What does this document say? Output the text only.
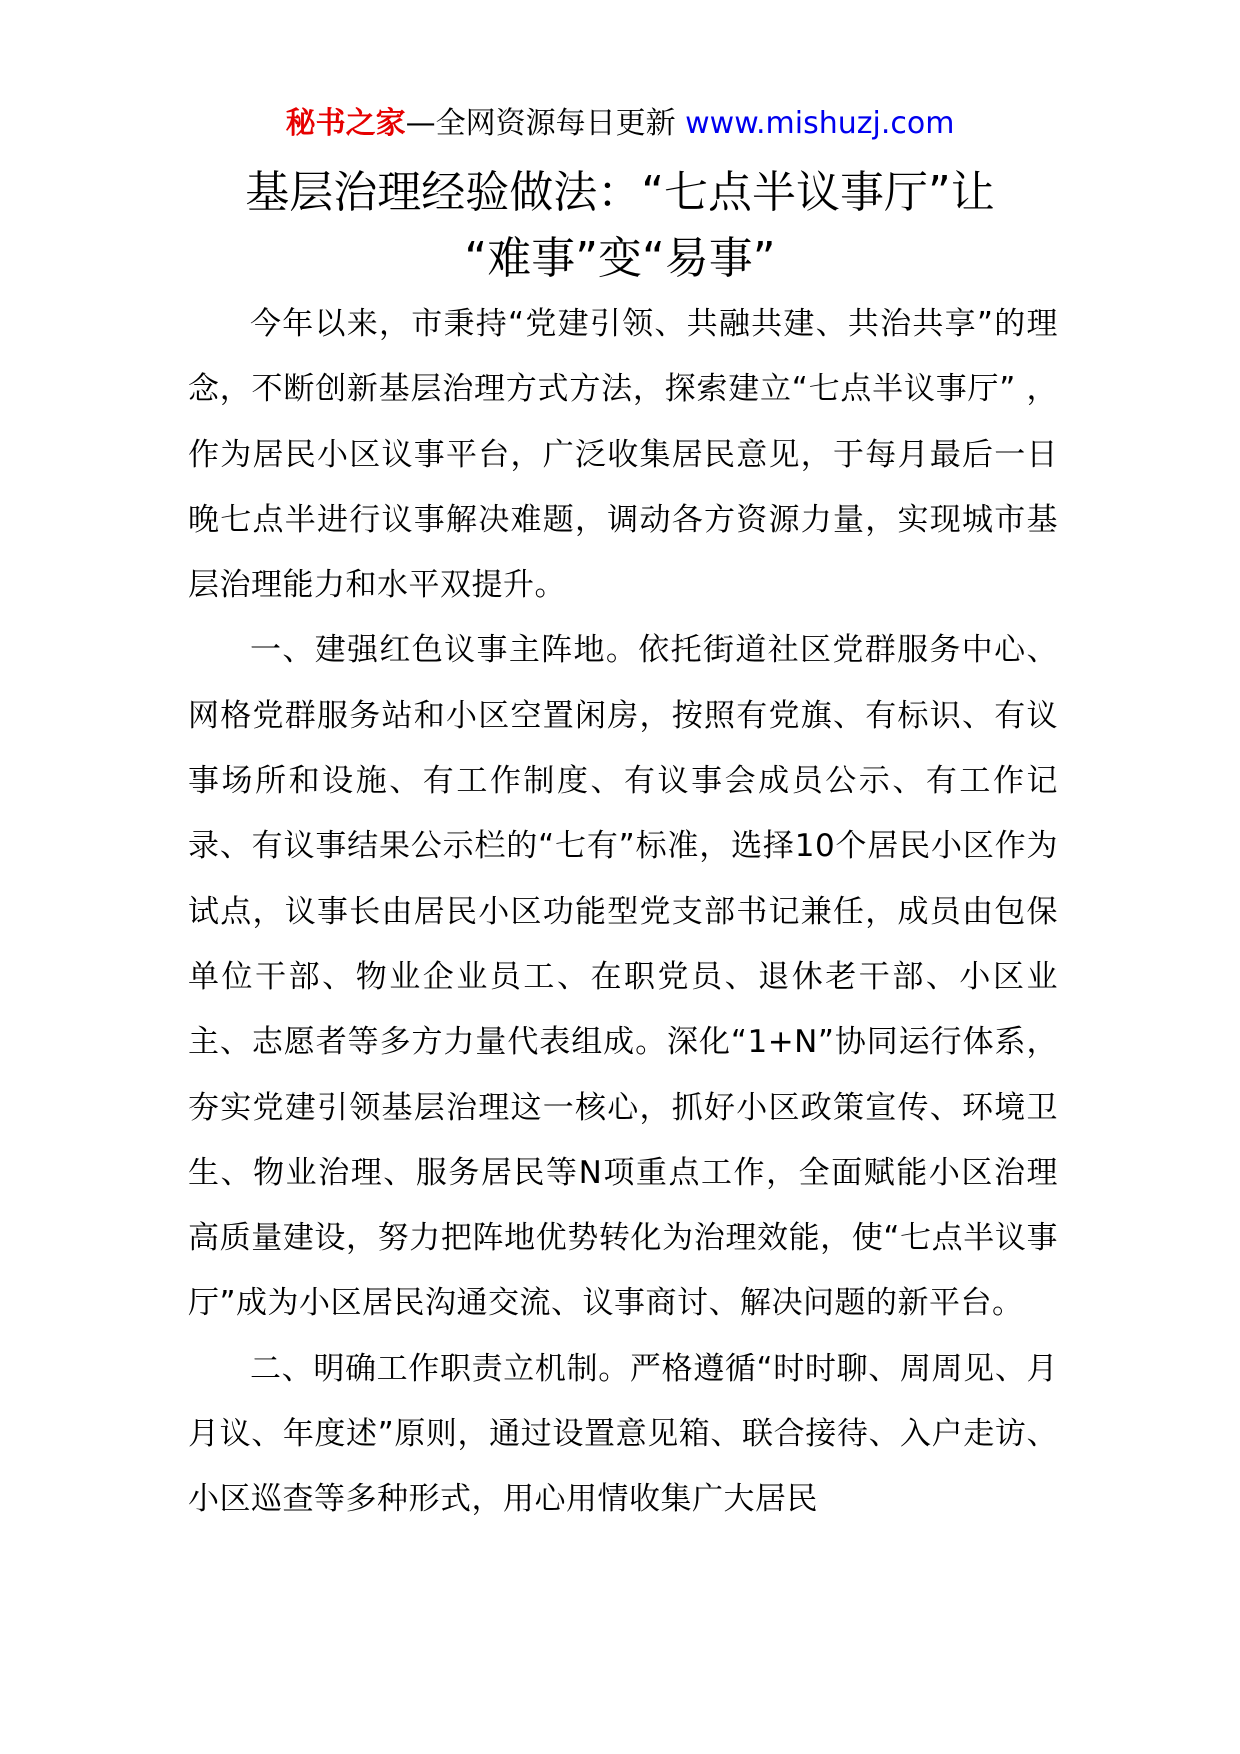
秘书之家—全网资源每日更新 www.mishuzj.com
基层治理经验做法：“七点半议事厅”让
“难事”变“易事”

今年以来，市秉持“党建引领、共融共建、共治共享”的理念，不断创新基层治理方式方法，探索建立“七点半议事厅” ，作为居民小区议事平台，广泛收集居民意见，于每月最后一日晚七点半进行议事解决难题，调动各方资源力量，实现城市基层治理能力和水平双提升。

一、建强红色议事主阵地。依托街道社区党群服务中心、网格党群服务站和小区空置闲房，按照有党旗、有标识、有议事场所和设施、有工作制度、有议事会成员公示、有工作记录、有议事结果公示栏的“七有”标准，选择10个居民小区作为试点，议事长由居民小区功能型党支部书记兼任，成员由包保单位干部、物业企业员工、在职党员、退休老干部、小区业主、志愿者等多方力量代表组成。深化“1+N”协同运行体系，夯实党建引领基层治理这一核心，抓好小区政策宣传、环境卫生、物业治理、服务居民等N项重点工作，全面赋能小区治理高质量建设，努力把阵地优势转化为治理效能，使“七点半议事厅”成为小区居民沟通交流、议事商讨、解决问题的新平台。

二、明确工作职责立机制。严格遵循“时时聊、周周见、月月议、年度述”原则，通过设置意见箱、联合接待、入户走访、小区巡查等多种形式，用心用情收集广大居民
